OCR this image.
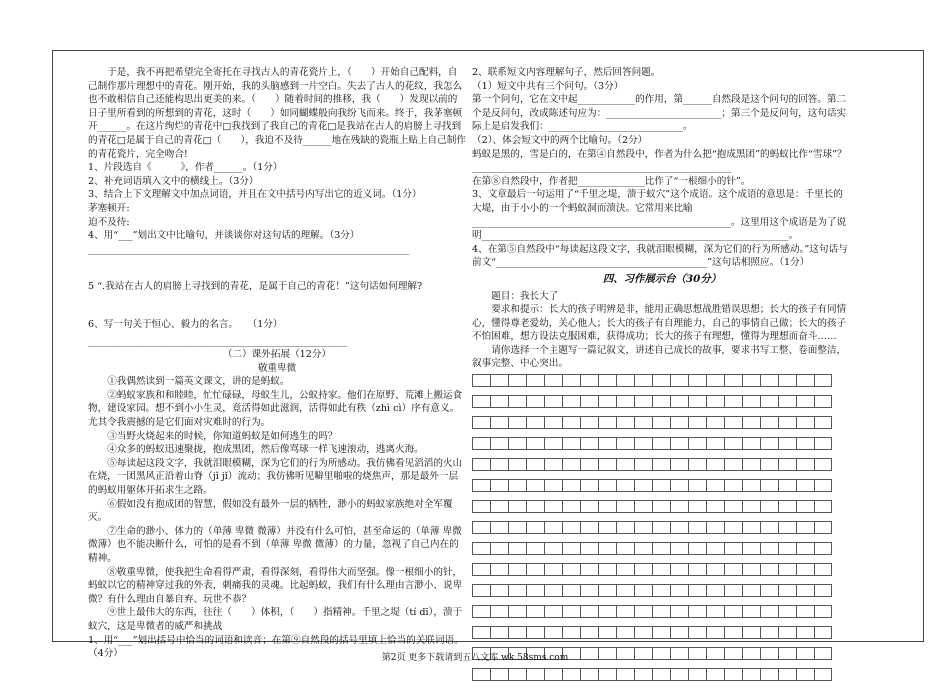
于是，我不再把希望完全寄托在寻找古人的青花瓷片上，（　　）开始自己配料，自己制作那片理想中的青花。刚开始，我的头脑感到一片空白。失去了古人的花纹，我怎么也不敢相信自己还能构思出更美的来。（　　）随着时间的推移，我（　　）发现以前的日子里所看到的所想到的青花，这时（　　）如同蝴蝶般向我纷飞而来。终于，我茅塞顿开______。在这片绚烂的青花中□我找到了我自己的青花□是我站在古人的肩膀上寻找到的青花□是属于自己的青花□（　　），我迫不及待______地在残缺的瓷瓶上贴上自己制作的青花瓷片，完全吻合!

1、片段选自《　　　》，作者______。（1分）

2、补充词语填入文中的横线上。（3分）

3、结合上下文理解文中加点词语，并且在文中括号内写出它的近义词。（1分）

茅塞顿开:

迫不及待:

4、用“___”划出文中比喻句，并谈谈你对这句话的理解。（3分）

___________________________________________________________________

5 “.我站在古人的肩膀上寻找到的青花，是属于自己的青花！”这句话如何理解?

6、写一句关于恒心、毅力的名言。　　（1分）

______________________________________________________

（二）课外拓展（12分）

敬重卑微

①我偶然读到一篇英文课文，讲的是蚂蚁。

②蚂蚁家族和和睦睦，忙忙碌碌，母蚁生儿，公蚁持家。他们在原野、荒滩上搬运食物，建设家园。想不到小小生灵，竟活得如此滋润，活得如此有秩（zhì cì）序有意义。尤其令我震撼的是它们面对灾难时的行为。

③当野火烧起来的时候，你知道蚂蚁是如何逃生的吗？

④众多的蚂蚁迅速聚拢，抱成黑团，然后像骂球一样飞速滚动，逃离火海。

⑤每读起这段文字，我就泪眼模糊，深为它们的行为所感动。我仿佛看见滔滔的火山在烧，一团黑风正沿着山脊（jǐ jǐ）流动；我仿佛听见噼里啪啦的烧焦声，那是最外一层的蚂蚁用躯体开拓求生之路。

⑥假如没有抱成团的智慧，假如没有最外一层的牺牲，渺小的蚂蚁家族绝对全军覆灭。

⑦生命的渺小、体力的（单薄 卑微 微薄）并没有什么可怕，甚至命运的（单薄 卑微 微薄）也不能决断什么，可怕的是看不到（单薄 卑微 微薄）的力量，忽视了自己内在的精神。

⑧敬重卑微，使我把生命看得严肃，看得深刻，看得伟大而坚强。像一根细小的针，蚂蚁以它的精神穿过我的外表，刺痛我的灵魂。比起蚂蚁，我们有什么理由言渺小、说卑微？有什么理由自暴自弃、玩世不恭？

⑨世上最伟大的东西，往往（　　）体积，（　　）指精神。千里之堤（tí dī），溃于蚁穴，这是卑微者的威严和挑战

1、用“___”划出括号中恰当的词语和读音；在第⑨自然段的括号里填上恰当的关联词语。（4分）

2、联系短文内容理解句子，然后回答问题。

（1）短文中共有三个问句。（3分）

第一个问句，它在文中起____________的作用，第______自然段是这个问句的回答。第二个是反问句，改成陈述句应为：________________________；第三个是反问句，这句话实际上是启发我们：____________________________。

（2）、体会短文中的两个比喻句。（2分）

蚂蚁是黑的，雪是白的，在第④自然段中，作者为什么把“抱成黑团”的蚂蚁比作“雪球”？______________________________________________________

在第⑧自然段中，作者把______________比作了“一根细小的针”。

3、文章最后一句运用了“千里之堤，溃于蚁穴”这个成语。这个成语的意思是：千里长的大堤，由于小小的一个蚂蚁洞而溃決。它常用来比喻______________________________________________________。这里用这个成语是为了说明________________________________________________________________。

4、在第⑤自然段中“每读起这段文字，我就泪眼模糊，深为它们的行为所感动。”这句话与前文“____________________________________________”这句话相照应。（1分）

四、习作展示台（30分）

题目：我长大了

要求和提示：长大的孩子明辨是非，能用正确思想战胜错误思想；长大的孩子有同情心，懂得尊老爱幼，关心他人；长大的孩子有自理能力，自己的事情自己做；长大的孩子不怕困难，想方设法克服困难，获得成功；长大的孩子有理想，懂得为理想而奋斗……

请你选择一个主题写一篇记叙文，讲述自己成长的故事，要求书写工整、卷面整洁，叙事完整、中心突出。

第2页 更多下载请到五八文库 wk.58sms.com
